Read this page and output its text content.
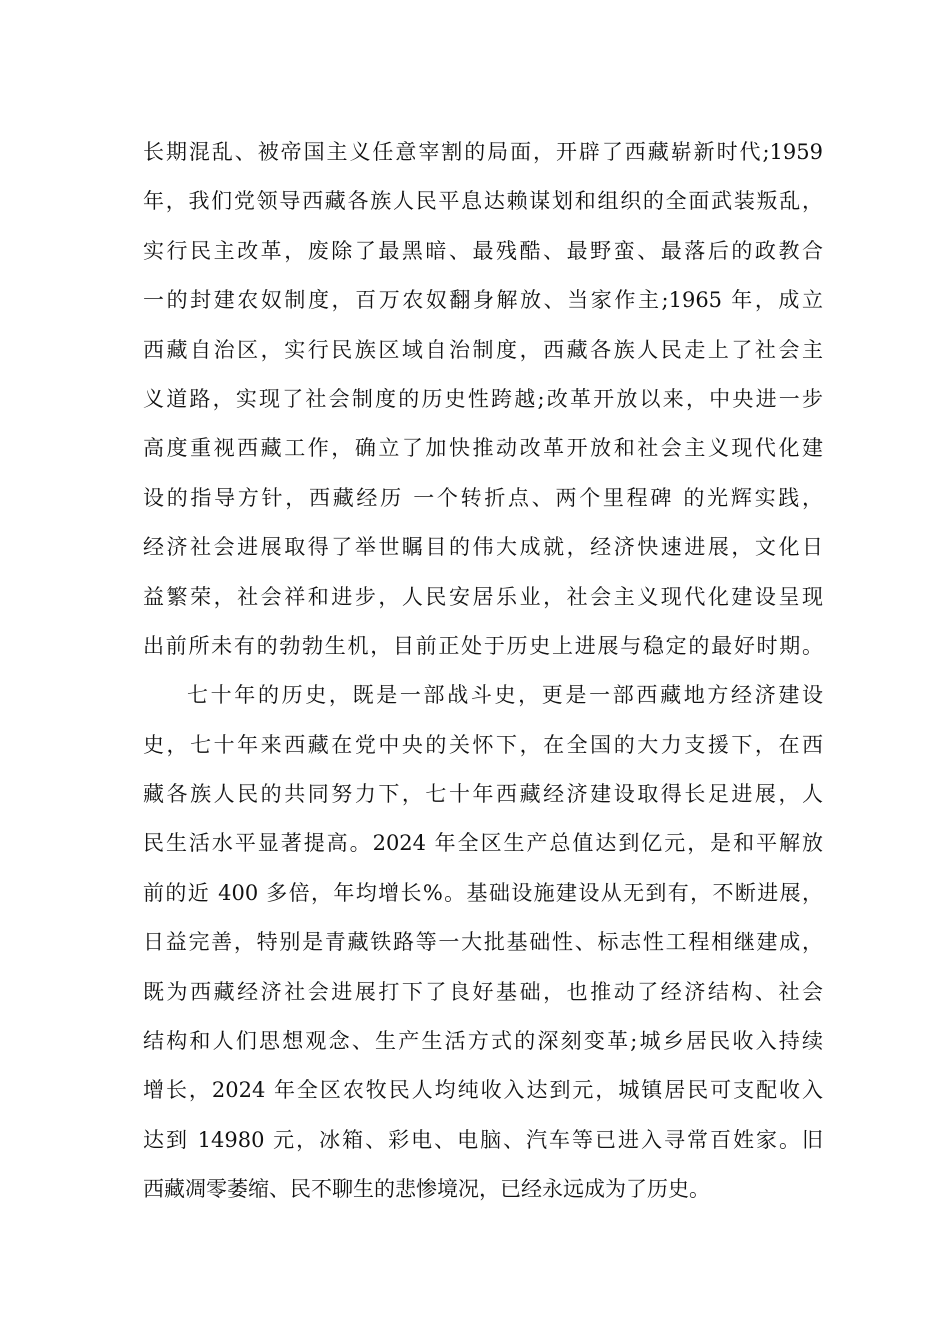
长期混乱、被帝国主义任意宰割的局面，开辟了西藏崭新时代;1959
年，我们党领导西藏各族人民平息达赖谋划和组织的全面武装叛乱，
实行民主改革，废除了最黑暗、最残酷、最野蛮、最落后的政教合
一的封建农奴制度，百万农奴翻身解放、当家作主;1965 年，成立
西藏自治区，实行民族区域自治制度，西藏各族人民走上了社会主
义道路，实现了社会制度的历史性跨越;改革开放以来，中央进一步
高度重视西藏工作，确立了加快推动改革开放和社会主义现代化建
设的指导方针，西藏经历 一个转折点、两个里程碑 的光辉实践，
经济社会进展取得了举世瞩目的伟大成就，经济快速进展，文化日
益繁荣，社会祥和进步，人民安居乐业，社会主义现代化建设呈现
出前所未有的勃勃生机，目前正处于历史上进展与稳定的最好时期。
七十年的历史，既是一部战斗史，更是一部西藏地方经济建设
史，七十年来西藏在党中央的关怀下，在全国的大力支援下，在西
藏各族人民的共同努力下，七十年西藏经济建设取得长足进展，人
民生活水平显著提高。2024 年全区生产总值达到亿元，是和平解放
前的近 400 多倍，年均增长%。基础设施建设从无到有，不断进展，
日益完善，特别是青藏铁路等一大批基础性、标志性工程相继建成，
既为西藏经济社会进展打下了良好基础，也推动了经济结构、社会
结构和人们思想观念、生产生活方式的深刻变革;城乡居民收入持续
增长，2024 年全区农牧民人均纯收入达到元，城镇居民可支配收入
达到 14980 元，冰箱、彩电、电脑、汽车等已进入寻常百姓家。旧
西藏凋零萎缩、民不聊生的悲惨境况，已经永远成为了历史。
